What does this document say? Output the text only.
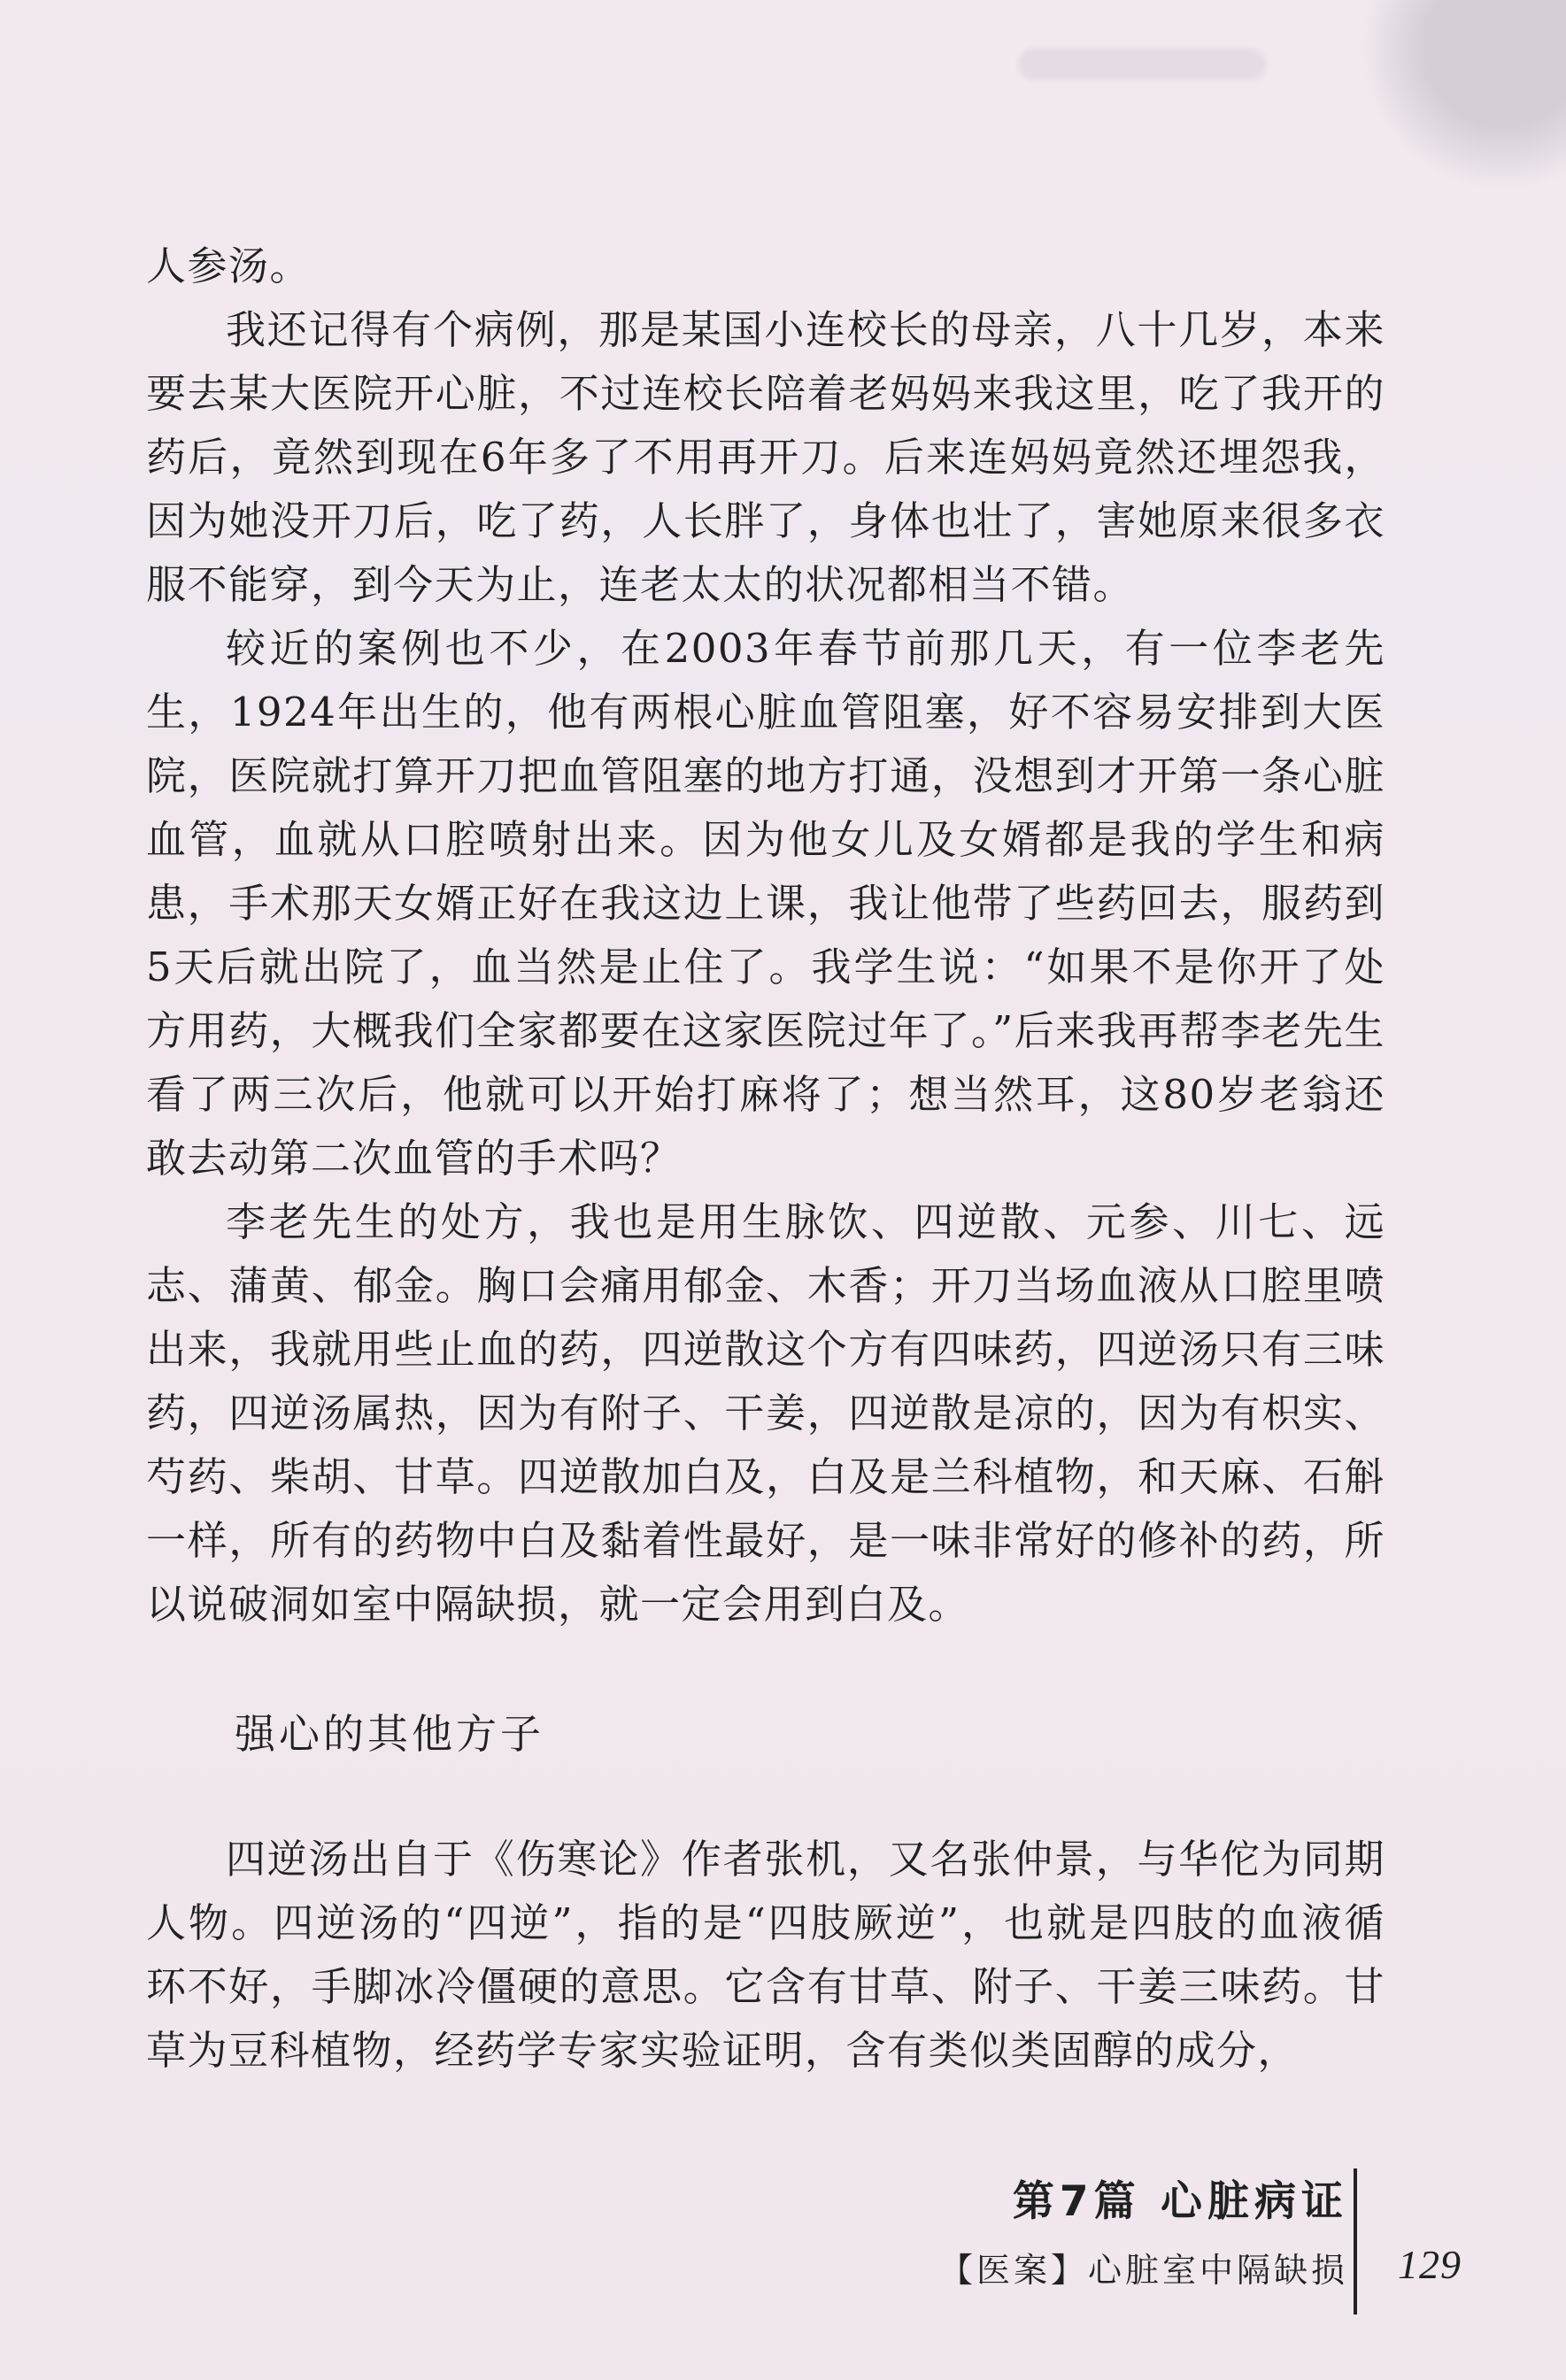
人参汤。

我还记得有个病例，那是某国小连校长的母亲，八十几岁，本来要去某大医院开心脏，不过连校长陪着老妈妈来我这里，吃了我开的药后，竟然到现在6年多了不用再开刀。后来连妈妈竟然还埋怨我，因为她没开刀后，吃了药，人长胖了，身体也壮了，害她原来很多衣服不能穿，到今天为止，连老太太的状况都相当不错。

较近的案例也不少，在2003年春节前那几天，有一位李老先生，1924年出生的，他有两根心脏血管阻塞，好不容易安排到大医院，医院就打算开刀把血管阻塞的地方打通，没想到才开第一条心脏血管，血就从口腔喷射出来。因为他女儿及女婿都是我的学生和病患，手术那天女婿正好在我这边上课，我让他带了些药回去，服药到5天后就出院了，血当然是止住了。我学生说：“如果不是你开了处方用药，大概我们全家都要在这家医院过年了。”后来我再帮李老先生看了两三次后，他就可以开始打麻将了；想当然耳，这80岁老翁还敢去动第二次血管的手术吗？

李老先生的处方，我也是用生脉饮、四逆散、元参、川七、远志、蒲黄、郁金。胸口会痛用郁金、木香；开刀当场血液从口腔里喷出来，我就用些止血的药，四逆散这个方有四味药，四逆汤只有三味药，四逆汤属热，因为有附子、干姜，四逆散是凉的，因为有枳实、芍药、柴胡、甘草。四逆散加白及，白及是兰科植物，和天麻、石斛一样，所有的药物中白及黏着性最好，是一味非常好的修补的药，所以说破洞如室中隔缺损，就一定会用到白及。

强心的其他方子

四逆汤出自于《伤寒论》作者张机，又名张仲景，与华佗为同期人物。四逆汤的“四逆”，指的是“四肢厥逆”，也就是四肢的血液循环不好，手脚冰冷僵硬的意思。它含有甘草、附子、干姜三味药。甘草为豆科植物，经药学专家实验证明，含有类似类固醇的成分，

第7篇 心脏病证
【医案】心脏室中隔缺损 129
